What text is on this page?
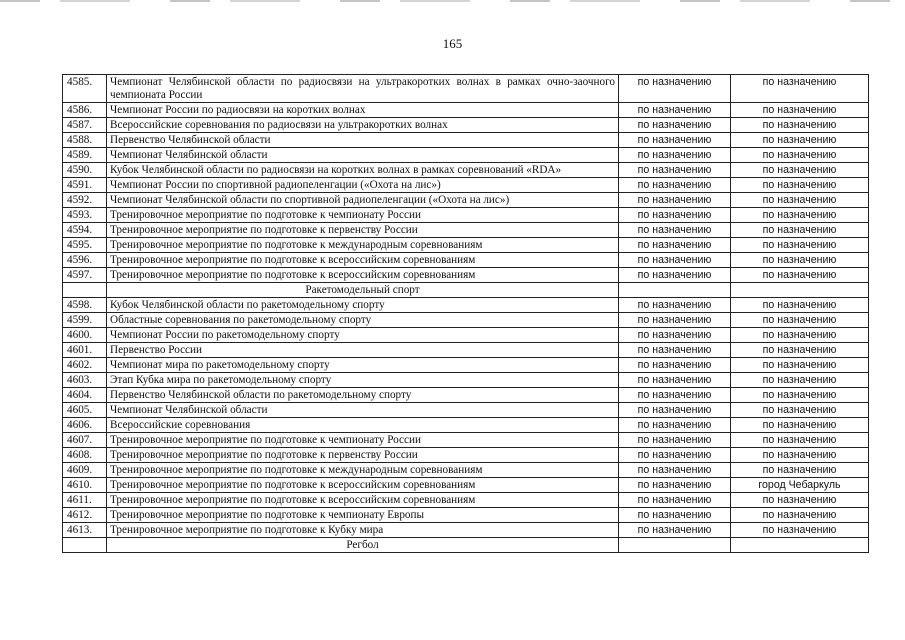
165
4585.	Чемпионат Челябинской области по радиосвязи на ультракоротких волнах в рамках очно-заочного чемпионата России	по назначению	по назначению
4586.	Чемпионат России по радиосвязи на коротких волнах	по назначению	по назначению
4587.	Всероссийские соревнования по радиосвязи на ультракоротких волнах	по назначению	по назначению
4588.	Первенство Челябинской области	по назначению	по назначению
4589.	Чемпионат Челябинской области	по назначению	по назначению
4590.	Кубок Челябинской области по радиосвязи на коротких волнах в рамках соревнований «RDA»	по назначению	по назначению
4591.	Чемпионат России по спортивной радиопеленгации («Охота на лис»)	по назначению	по назначению
4592.	Чемпионат Челябинской области по спортивной радиопеленгации («Охота на лис»)	по назначению	по назначению
4593.	Тренировочное мероприятие по подготовке к чемпионату России	по назначению	по назначению
4594.	Тренировочное мероприятие по подготовке к первенству России	по назначению	по назначению
4595.	Тренировочное мероприятие по подготовке к международным соревнованиям	по назначению	по назначению
4596.	Тренировочное мероприятие по подготовке к всероссийским соревнованиям	по назначению	по назначению
4597.	Тренировочное мероприятие по подготовке к всероссийским соревнованиям	по назначению	по назначению
	Ракетомодельный спорт		
4598.	Кубок Челябинской области по ракетомодельному спорту	по назначению	по назначению
4599.	Областные соревнования по ракетомодельному спорту	по назначению	по назначению
4600.	Чемпионат России по ракетомодельному спорту	по назначению	по назначению
4601.	Первенство России	по назначению	по назначению
4602.	Чемпионат мира по ракетомодельному спорту	по назначению	по назначению
4603.	Этап Кубка мира по ракетомодельному спорту	по назначению	по назначению
4604.	Первенство Челябинской области по ракетомодельному спорту	по назначению	по назначению
4605.	Чемпионат Челябинской области	по назначению	по назначению
4606.	Всероссийские соревнования	по назначению	по назначению
4607.	Тренировочное мероприятие по подготовке к чемпионату России	по назначению	по назначению
4608.	Тренировочное мероприятие по подготовке к первенству России	по назначению	по назначению
4609.	Тренировочное мероприятие по подготовке к международным соревнованиям	по назначению	по назначению
4610.	Тренировочное мероприятие по подготовке к всероссийским соревнованиям	по назначению	город Чебаркуль
4611.	Тренировочное мероприятие по подготовке к всероссийским соревнованиям	по назначению	по назначению
4612.	Тренировочное мероприятие по подготовке к чемпионату Европы	по назначению	по назначению
4613.	Тренировочное мероприятие по подготовке к Кубку мира	по назначению	по назначению
	Регбол		
